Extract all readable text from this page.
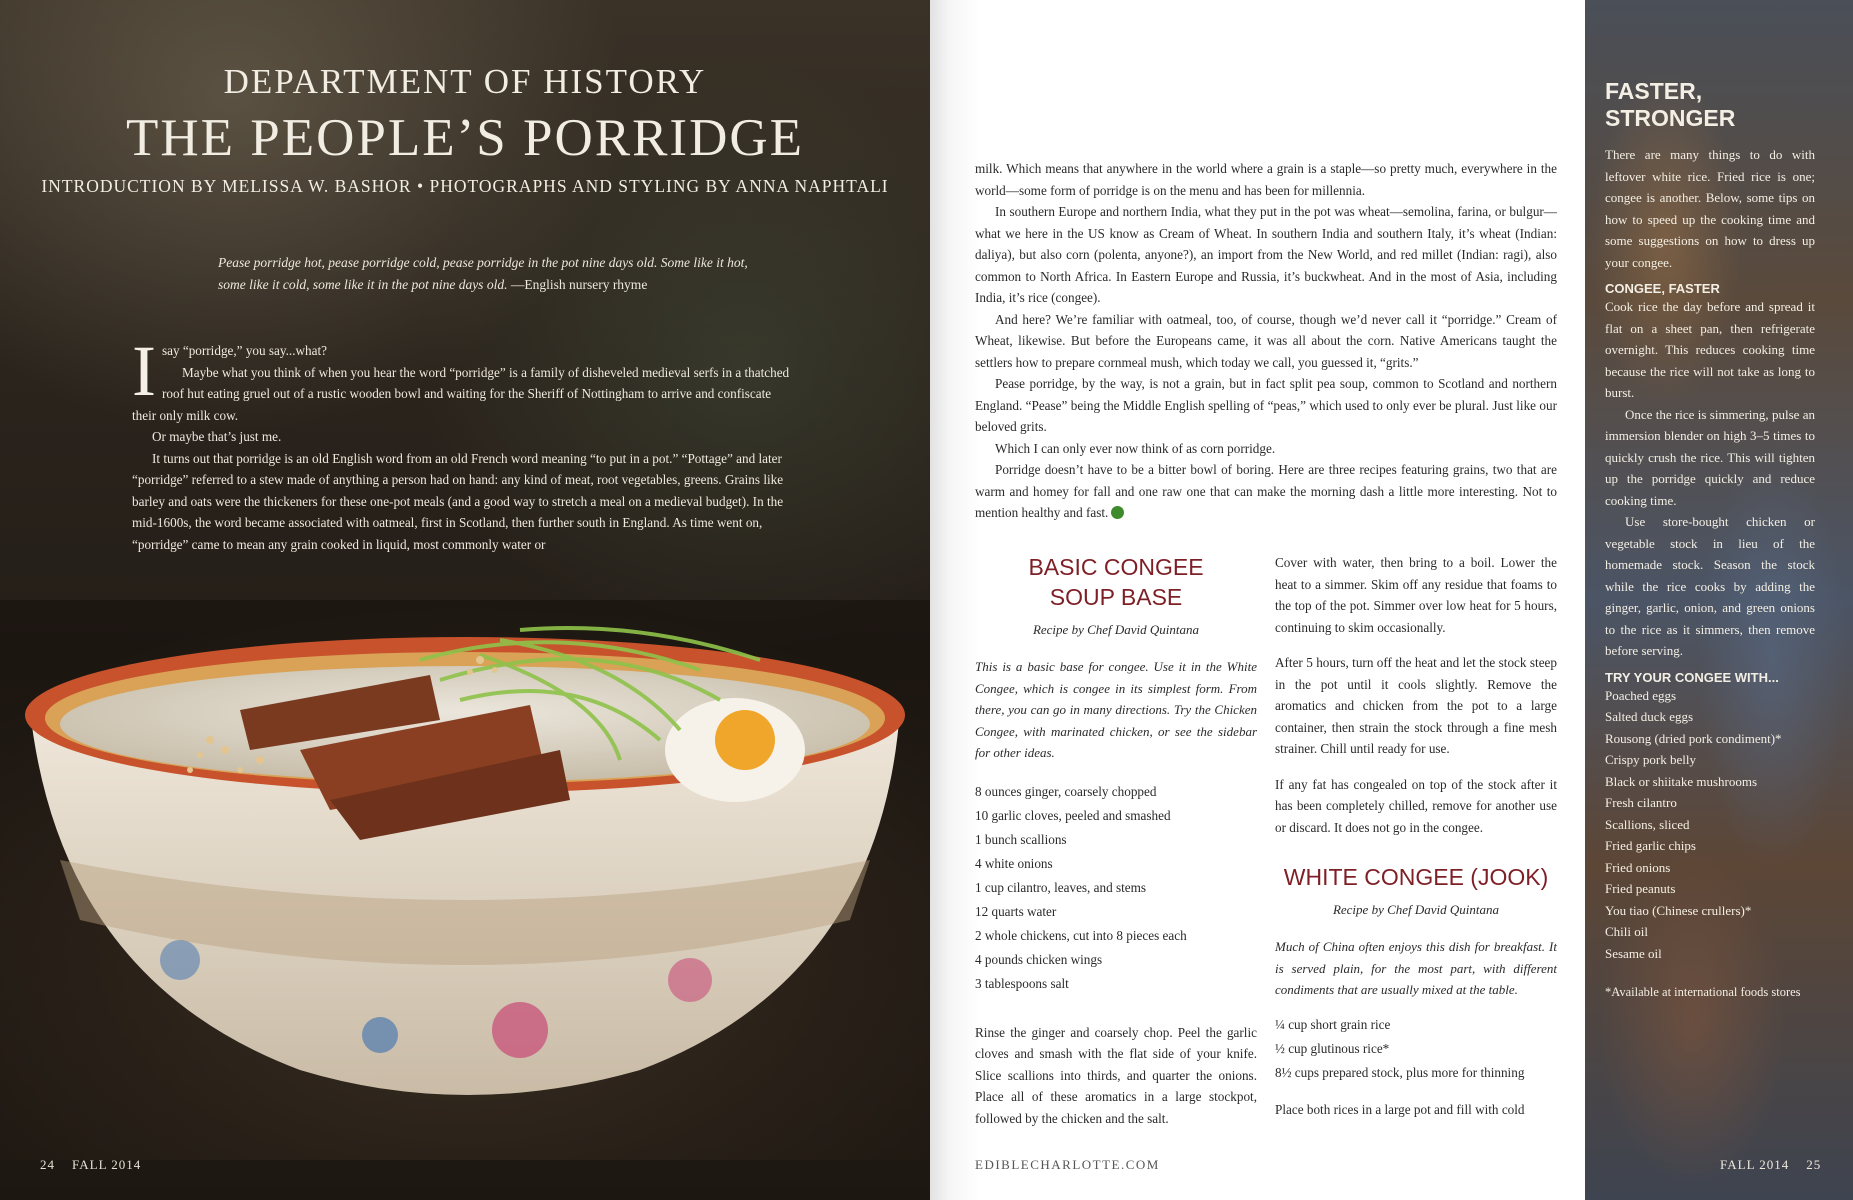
DEPARTMENT OF HISTORY
THE PEOPLE’S PORRIDGE
INTRODUCTION BY MELISSA W. BASHOR • PHOTOGRAPHS AND STYLING BY ANNA NAPHTALI
Pease porridge hot, pease porridge cold, pease porridge in the pot nine days old. Some like it hot, some like it cold, some like it in the pot nine days old. —English nursery rhyme

I say “porridge,” you say...what?

Maybe what you think of when you hear the word “porridge” is a family of disheveled medieval serfs in a thatched roof hut eating gruel out of a rustic wooden bowl and waiting for the Sheriff of Nottingham to arrive and confiscate their only milk cow.

Or maybe that’s just me.

It turns out that porridge is an old English word from an old French word meaning “to put in a pot.” “Pottage” and later “porridge” referred to a stew made of anything a person had on hand: any kind of meat, root vegetables, greens. Grains like barley and oats were the thickeners for these one-pot meals (and a good way to stretch a meal on a medieval budget). In the mid-1600s, the word became associated with oatmeal, first in Scotland, then further south in England. As time went on, “porridge” came to mean any grain cooked in liquid, most commonly water or

24    FALL 2014

milk. Which means that anywhere in the world where a grain is a staple—so pretty much, everywhere in the world—some form of porridge is on the menu and has been for millennia.

In southern Europe and northern India, what they put in the pot was wheat—semolina, farina, or bulgur—what we here in the US know as Cream of Wheat. In southern India and southern Italy, it’s wheat (Indian: daliya), but also corn (polenta, anyone?), an import from the New World, and red millet (Indian: ragi), also common to North Africa. In Eastern Europe and Russia, it’s buckwheat. And in the most of Asia, including India, it’s rice (congee).

And here? We’re familiar with oatmeal, too, of course, though we’d never call it “porridge.” Cream of Wheat, likewise. But before the Europeans came, it was all about the corn. Native Americans taught the settlers how to prepare cornmeal mush, which today we call, you guessed it, “grits.”

Pease porridge, by the way, is not a grain, but in fact split pea soup, common to Scotland and northern England. “Pease” being the Middle English spelling of “peas,” which used to only ever be plural. Just like our beloved grits.

Which I can only ever now think of as corn porridge.

Porridge doesn’t have to be a bitter bowl of boring. Here are three recipes featuring grains, two that are warm and homey for fall and one raw one that can make the morning dash a little more interesting. Not to mention healthy and fast.

BASIC CONGEE
SOUP BASE
Recipe by Chef David Quintana
This is a basic base for congee. Use it in the White Congee, which is congee in its simplest form. From there, you can go in many directions. Try the Chicken Congee, with marinated chicken, or see the sidebar for other ideas.
8 ounces ginger, coarsely chopped
10 garlic cloves, peeled and smashed
1 bunch scallions
4 white onions
1 cup cilantro, leaves, and stems
12 quarts water
2 whole chickens, cut into 8 pieces each
4 pounds chicken wings
3 tablespoons salt

Rinse the ginger and coarsely chop. Peel the garlic cloves and smash with the flat side of your knife. Slice scallions into thirds, and quarter the onions. Place all of these aromatics in a large stockpot, followed by the chicken and the salt.

Cover with water, then bring to a boil. Lower the heat to a simmer. Skim off any residue that foams to the top of the pot. Simmer over low heat for 5 hours, continuing to skim occasionally.

After 5 hours, turn off the heat and let the stock steep in the pot until it cools slightly. Remove the aromatics and chicken from the pot to a large container, then strain the stock through a fine mesh strainer. Chill until ready for use.

If any fat has congealed on top of the stock after it has been completely chilled, remove for another use or discard. It does not go in the congee.

WHITE CONGEE (JOOK)
Recipe by Chef David Quintana
Much of China often enjoys this dish for breakfast. It is served plain, for the most part, with different condiments that are usually mixed at the table.
¼ cup short grain rice
½ cup glutinous rice*
8½ cups prepared stock, plus more for thinning

Place both rices in a large pot and fill with cold

EDIBLECHARLOTTE.COM
FASTER, STRONGER

There are many things to do with leftover white rice. Fried rice is one; congee is another. Below, some tips on how to speed up the cooking time and some suggestions on how to dress up your congee.

CONGEE, FASTER

Cook rice the day before and spread it flat on a sheet pan, then refrigerate overnight. This reduces cooking time because the rice will not take as long to burst.

Once the rice is simmering, pulse an immersion blender on high 3–5 times to quickly crush the rice. This will tighten up the porridge quickly and reduce cooking time.

Use store-bought chicken or vegetable stock in lieu of the homemade stock. Season the stock while the rice cooks by adding the ginger, garlic, onion, and green onions to the rice as it simmers, then remove before serving.

TRY YOUR CONGEE WITH...
Poached eggs
Salted duck eggs
Rousong (dried pork condiment)*
Crispy pork belly
Black or shiitake mushrooms
Fresh cilantro
Scallions, sliced
Fried garlic chips
Fried onions
Fried peanuts
You tiao (Chinese crullers)*
Chili oil
Sesame oil

*Available at international foods stores

FALL 2014    25
